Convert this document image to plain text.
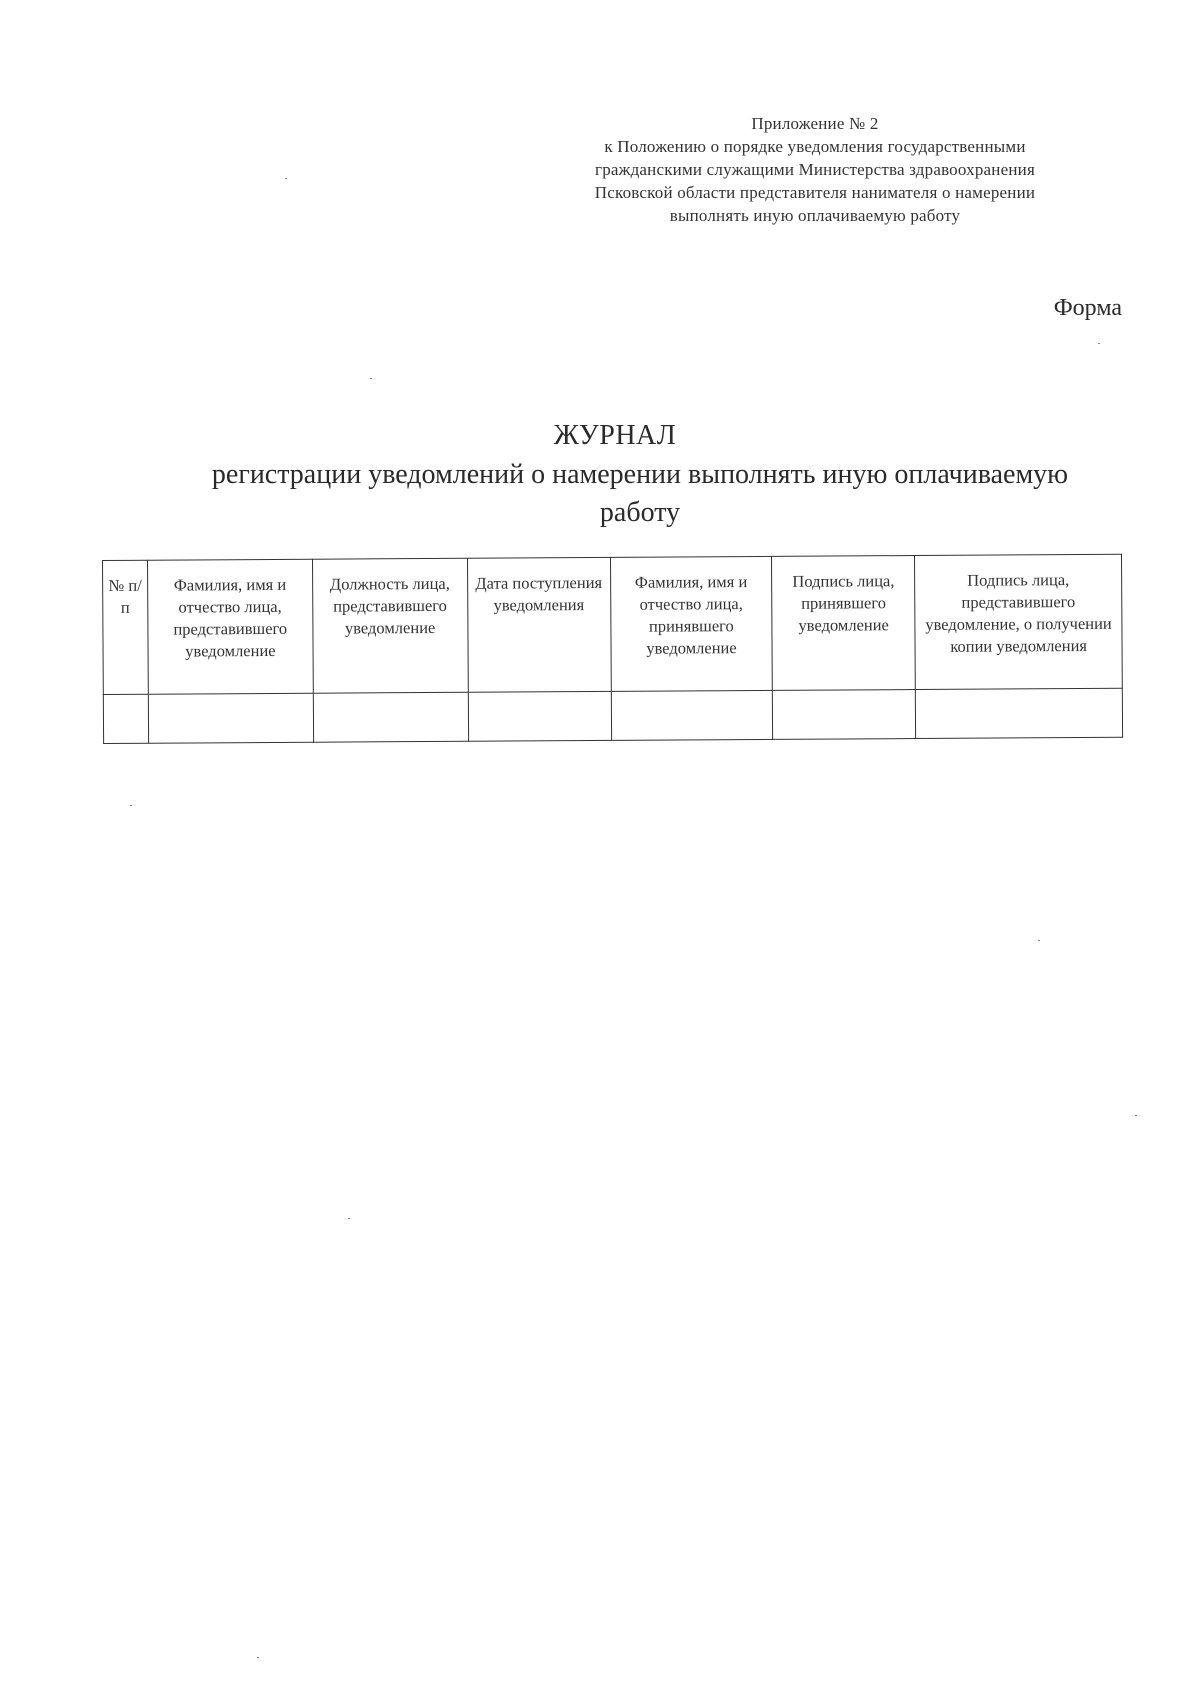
Приложение № 2
к Положению о порядке уведомления государственными
гражданскими служащими Министерства здравоохранения
Псковской области представителя нанимателя о намерении
выполнять иную оплачиваемую работу
Форма
ЖУРНАЛ
регистрации уведомлений о намерении выполнять иную оплачиваемую работу
№ п/п	Фамилия, имя и отчество лица, представившего уведомление	Должность лица, представившего уведомление	Дата поступления уведомления	Фамилия, имя и отчество лица, принявшего уведомление	Подпись лица, принявшего уведомление	Подпись лица, представившего уведомление, о получении копии уведомления
